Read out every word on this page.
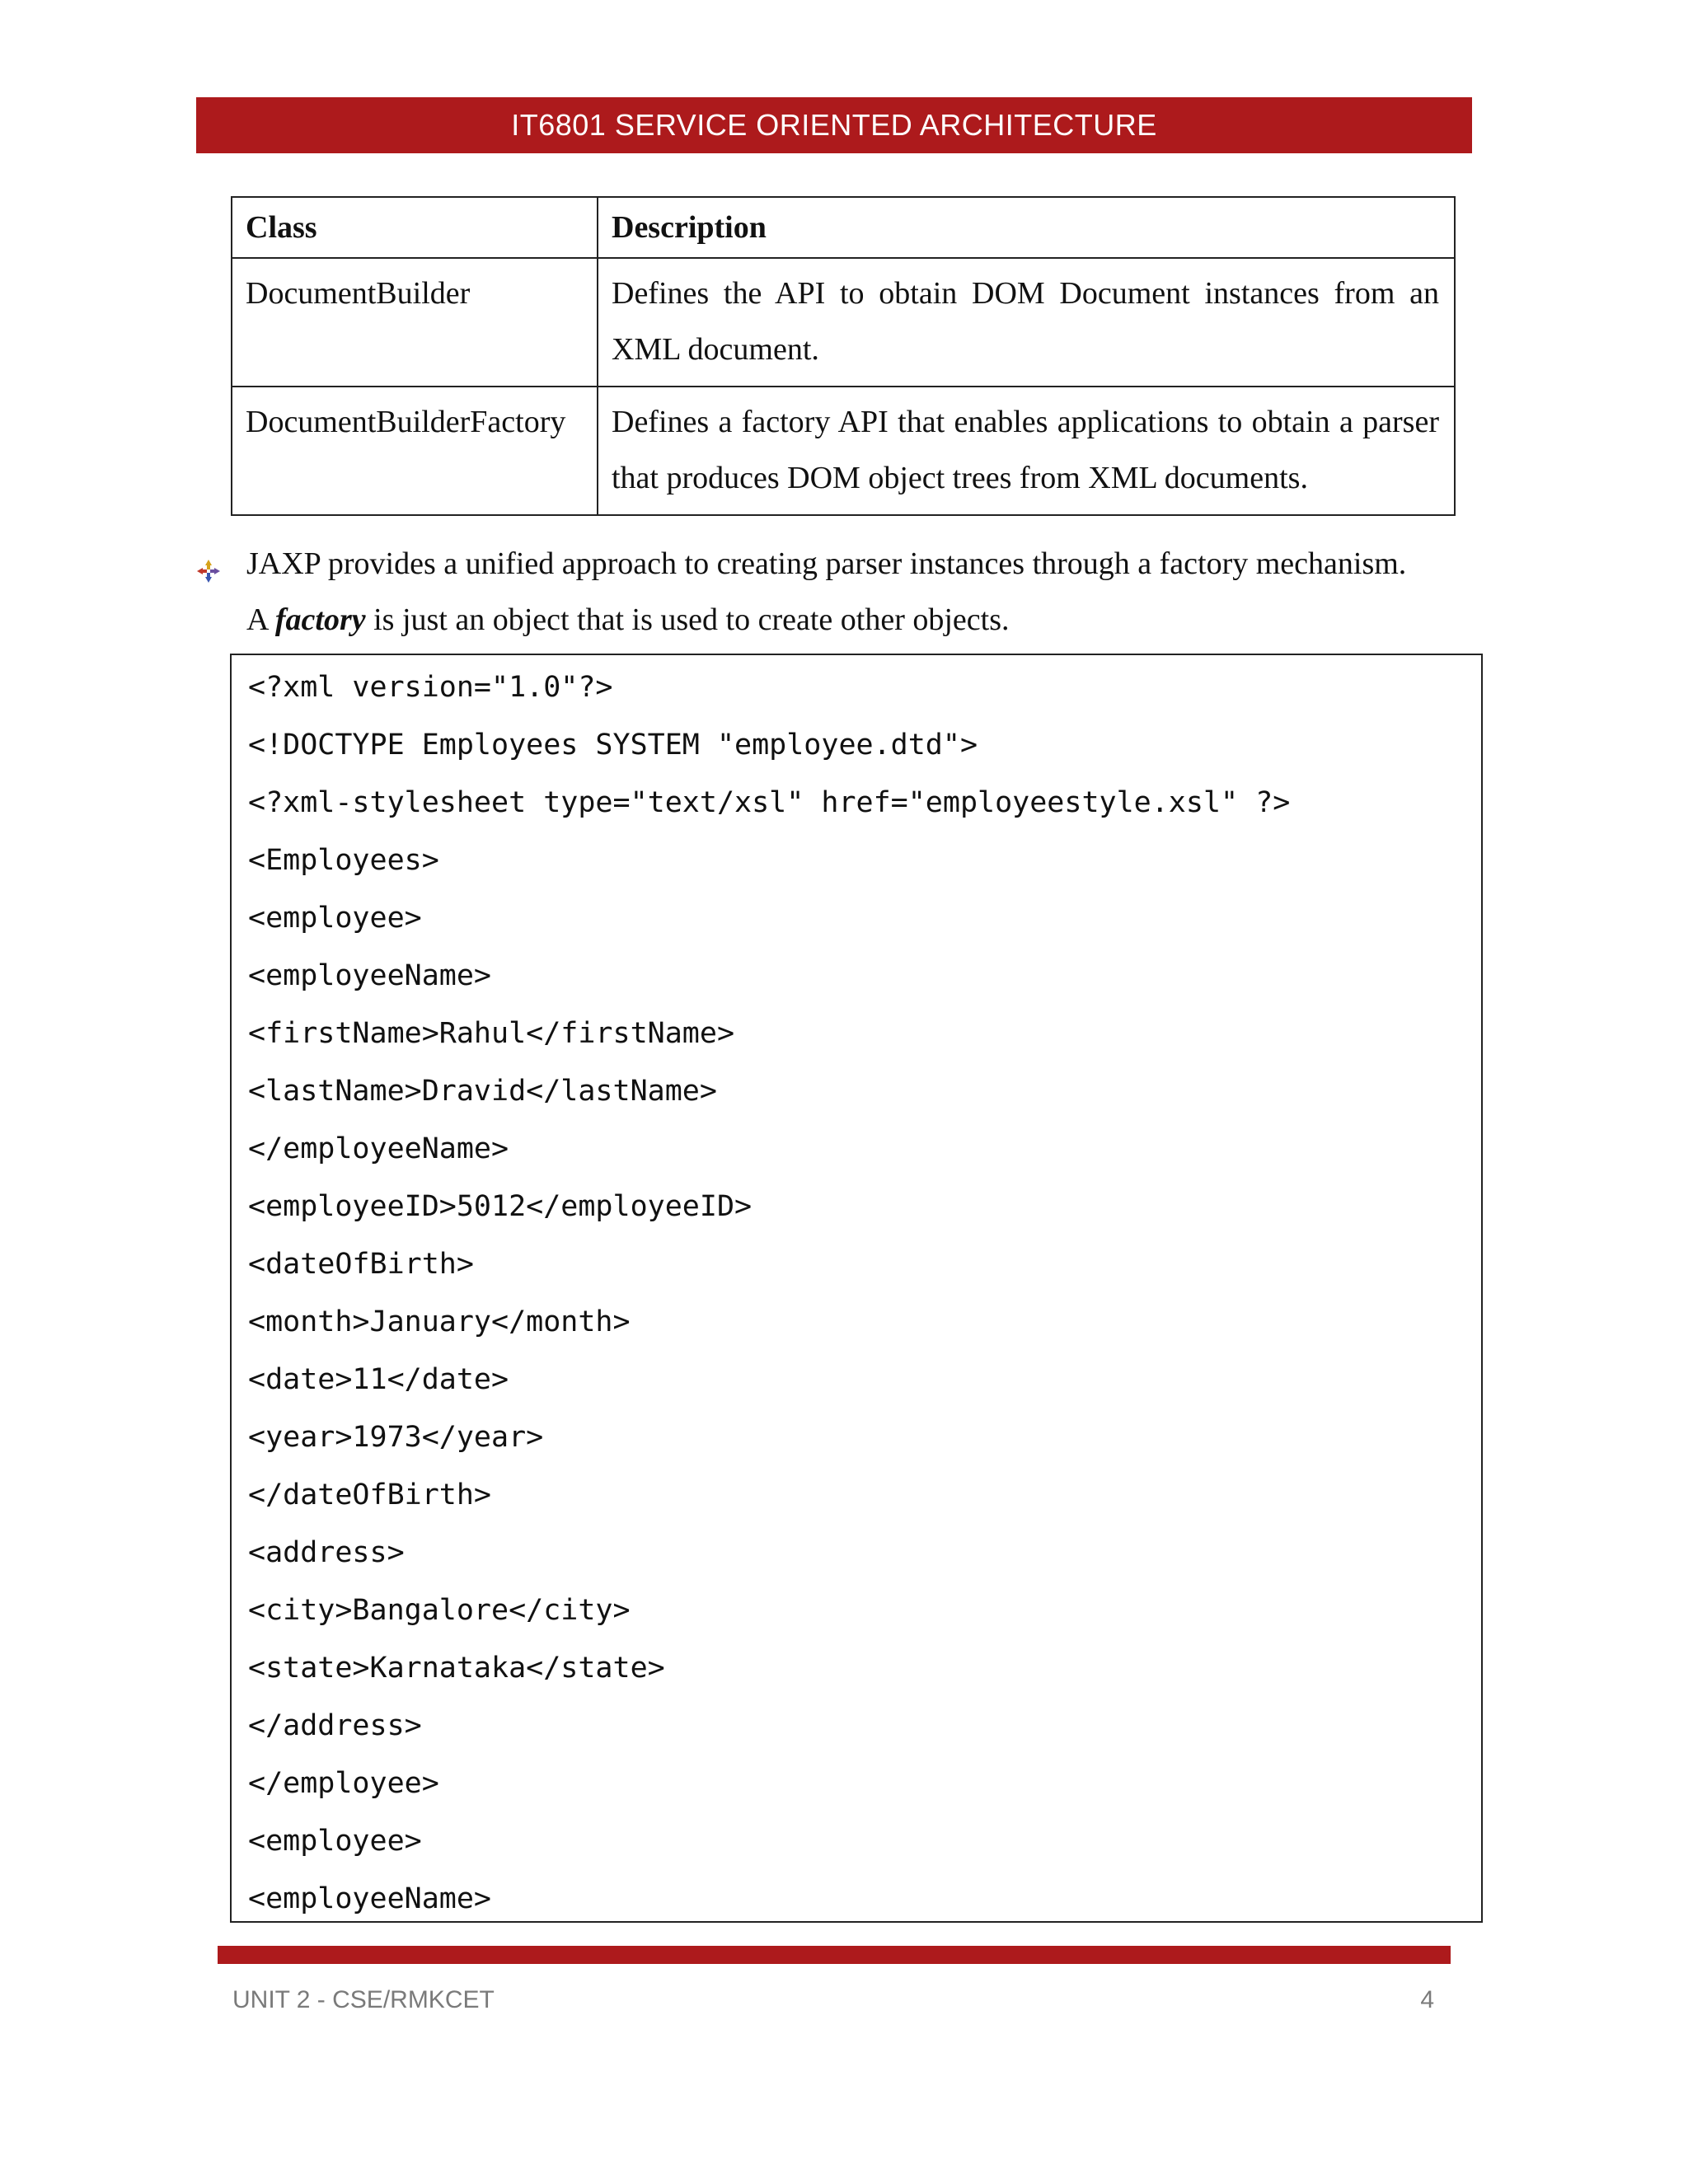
IT6801 SERVICE ORIENTED ARCHITECTURE
Class	Description
DocumentBuilder	Defines the API to obtain DOM Document instances from an XML document.
DocumentBuilderFactory	Defines a factory API that enables applications to obtain a parser that produces DOM object trees from XML documents.
JAXP provides a unified approach to creating parser instances through a factory mechanism.
A factory is just an object that is used to create other objects.
<?xml version="1.0"?>
<!DOCTYPE Employees SYSTEM "employee.dtd">
<?xml-stylesheet type="text/xsl" href="employeestyle.xsl" ?>
<Employees>
<employee>
<employeeName>
<firstName>Rahul</firstName>
<lastName>Dravid</lastName>
</employeeName>
<employeeID>5012</employeeID>
<dateOfBirth>
<month>January</month>
<date>11</date>
<year>1973</year>
</dateOfBirth>
<address>
<city>Bangalore</city>
<state>Karnataka</state>
</address>
</employee>
<employee>
<employeeName>
UNIT 2 - CSE/RMKCET	4
